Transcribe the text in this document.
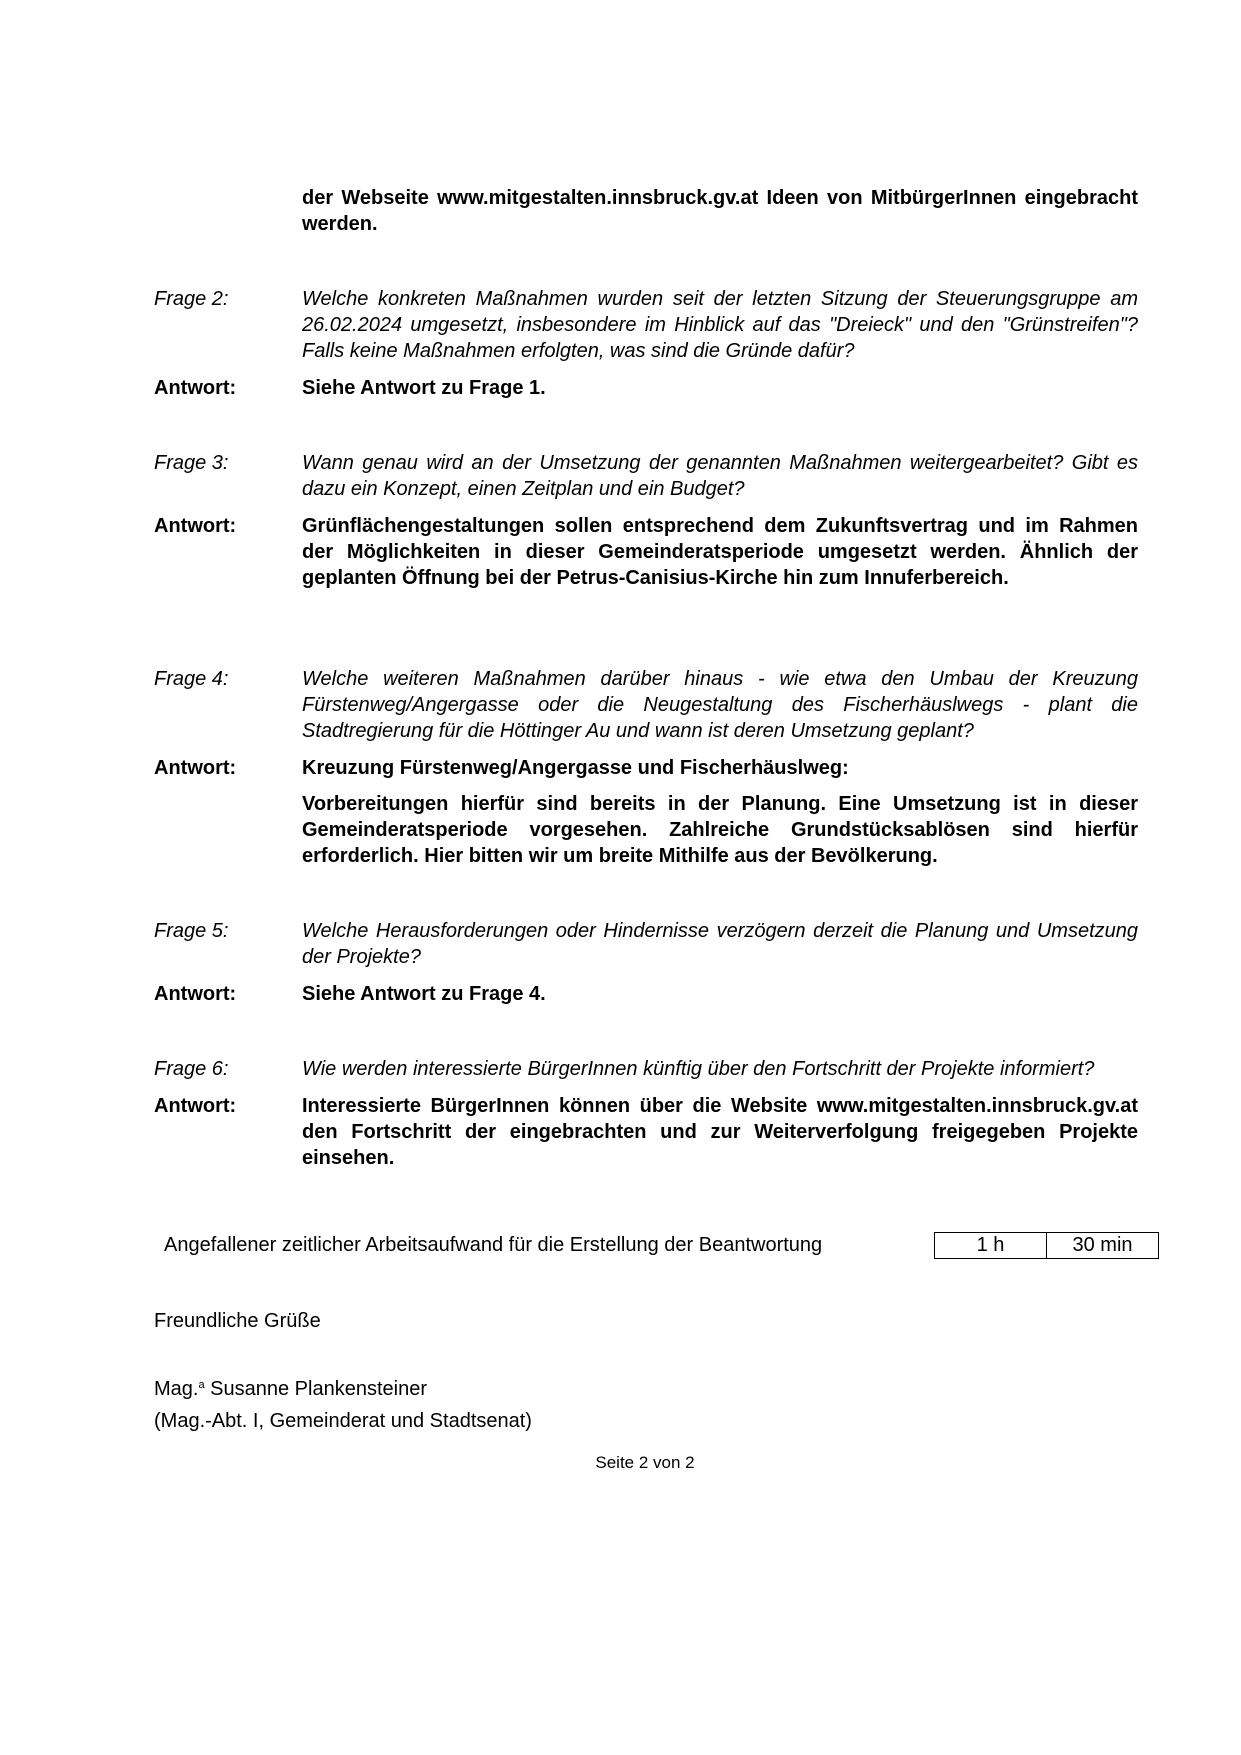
der Webseite www.mitgestalten.innsbruck.gv.at Ideen von MitbürgerInnen eingebracht werden.
Frage 2:	Welche konkreten Maßnahmen wurden seit der letzten Sitzung der Steuerungsgruppe am 26.02.2024 umgesetzt, insbesondere im Hinblick auf das "Dreieck" und den "Grünstreifen"? Falls keine Maßnahmen erfolgten, was sind die Gründe dafür?
Antwort:	Siehe Antwort zu Frage 1.
Frage 3:	Wann genau wird an der Umsetzung der genannten Maßnahmen weitergearbeitet? Gibt es dazu ein Konzept, einen Zeitplan und ein Budget?
Antwort:	Grünflächengestaltungen sollen entsprechend dem Zukunftsvertrag und im Rahmen der Möglichkeiten in dieser Gemeinderatsperiode umgesetzt werden. Ähnlich der geplanten Öffnung bei der Petrus-Canisius-Kirche hin zum Innuferbereich.
Frage 4:	Welche weiteren Maßnahmen darüber hinaus - wie etwa den Umbau der Kreuzung Fürstenweg/Angergasse oder die Neugestaltung des Fischerhäuslwegs - plant die Stadtregierung für die Höttinger Au und wann ist deren Umsetzung geplant?
Antwort:	Kreuzung Fürstenweg/Angergasse und Fischerhäuslweg:
Vorbereitungen hierfür sind bereits in der Planung. Eine Umsetzung ist in dieser Gemeinderatsperiode vorgesehen. Zahlreiche Grundstücksablösen sind hierfür erforderlich. Hier bitten wir um breite Mithilfe aus der Bevölkerung.
Frage 5:	Welche Herausforderungen oder Hindernisse verzögern derzeit die Planung und Umsetzung der Projekte?
Antwort:	Siehe Antwort zu Frage 4.
Frage 6:	Wie werden interessierte BürgerInnen künftig über den Fortschritt der Projekte informiert?
Antwort:	Interessierte BürgerInnen können über die Website www.mitgestalten.innsbruck.gv.at den Fortschritt der eingebrachten und zur Weiterverfolgung freigegeben Projekte einsehen.
Angefallener zeitlicher Arbeitsaufwand für die Erstellung der Beantwortung	1 h	30 min
Freundliche Grüße
Mag.$^a$ Susanne Plankensteiner
(Mag.-Abt. I, Gemeinderat und Stadtsenat)
Seite 2 von 2
